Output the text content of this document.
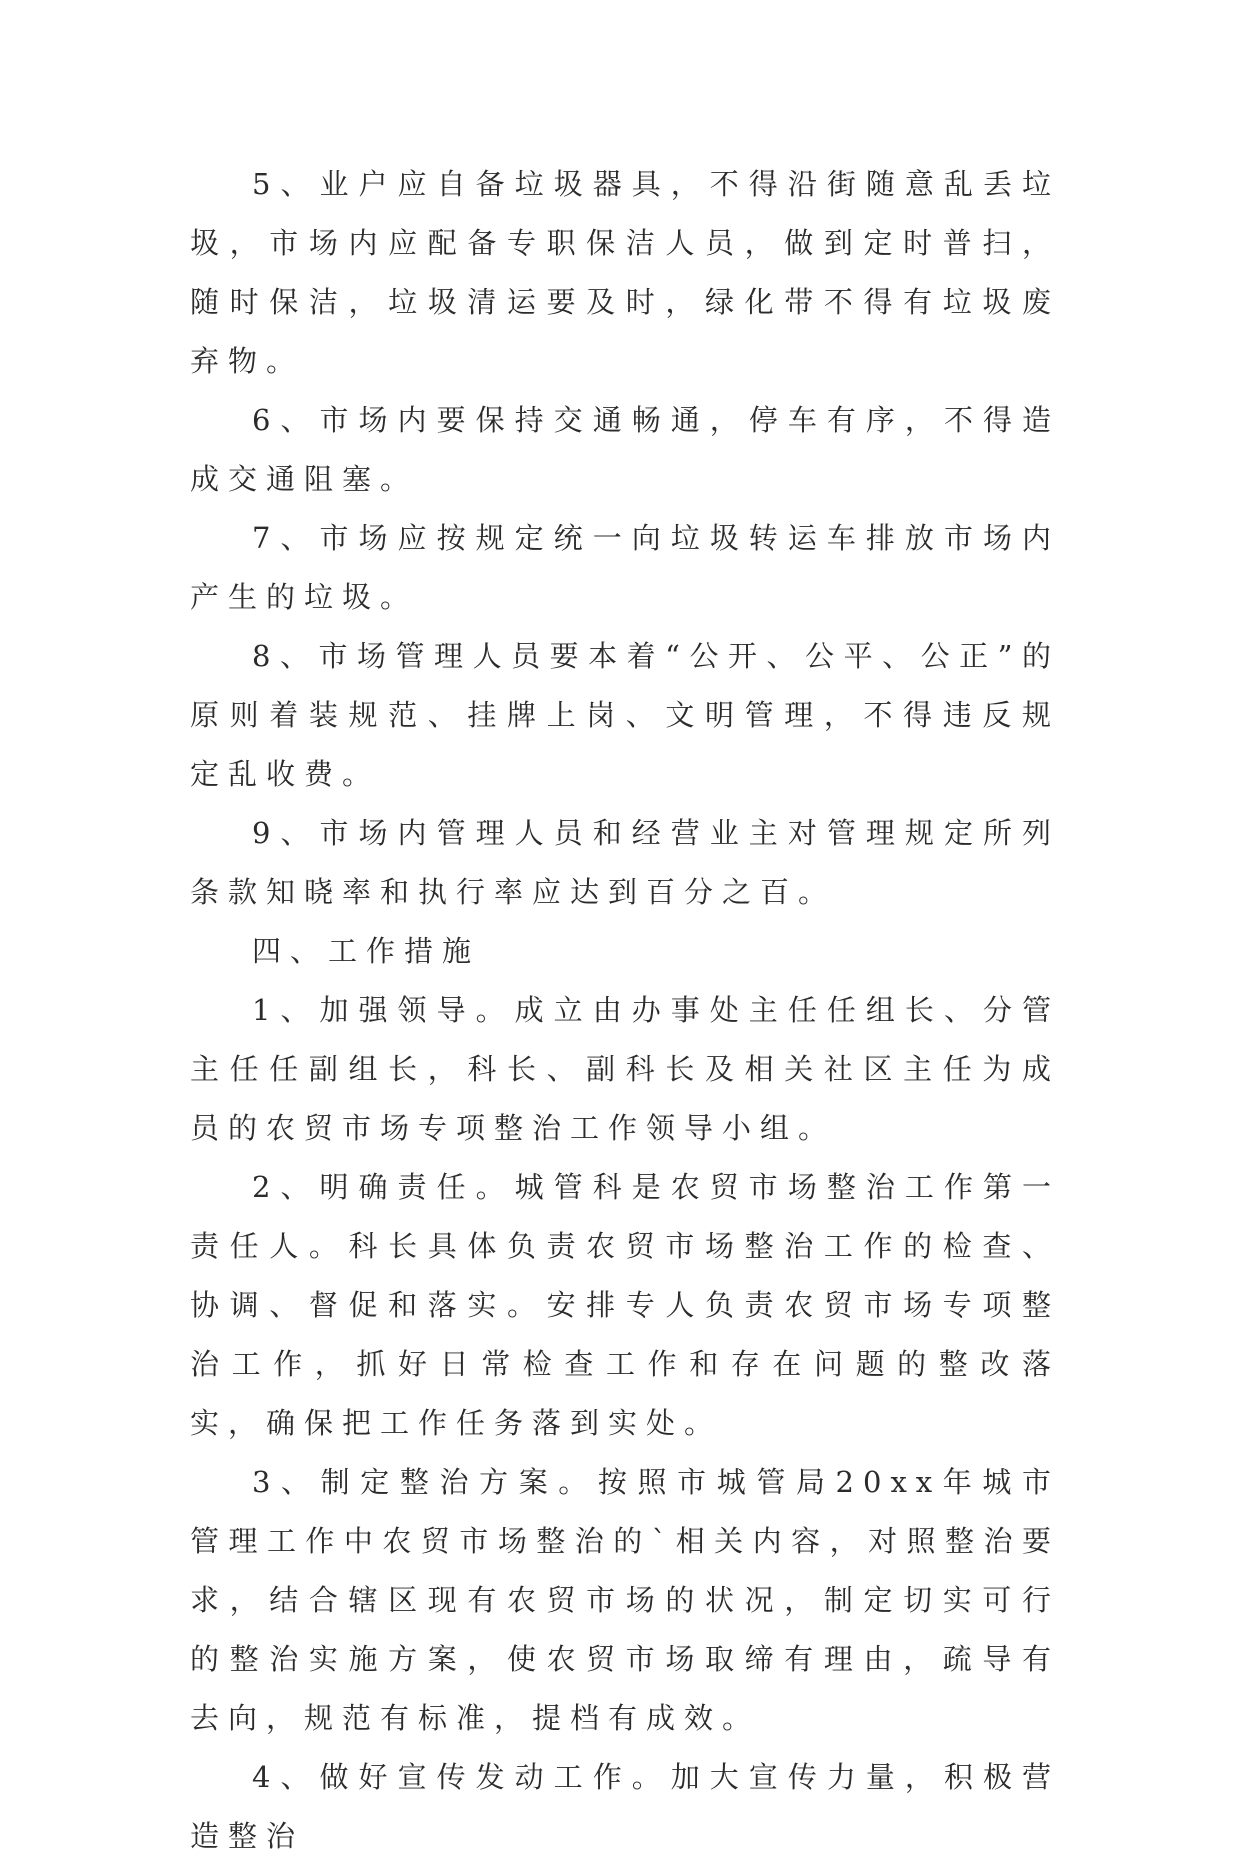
5、业户应自备垃圾器具，不得沿街随意乱丢垃圾，市场内应配备专职保洁人员，做到定时普扫，随时保洁，垃圾清运要及时，绿化带不得有垃圾废弃物。

6、市场内要保持交通畅通，停车有序，不得造成交通阻塞。

7、市场应按规定统一向垃圾转运车排放市场内产生的垃圾。

8、市场管理人员要本着“公开、公平、公正”的原则着装规范、挂牌上岗、文明管理，不得违反规定乱收费。

9、市场内管理人员和经营业主对管理规定所列条款知晓率和执行率应达到百分之百。

四、工作措施

1、加强领导。成立由办事处主任任组长、分管主任任副组长，科长、副科长及相关社区主任为成员的农贸市场专项整治工作领导小组。

2、明确责任。城管科是农贸市场整治工作第一责任人。科长具体负责农贸市场整治工作的检查、协调、督促和落实。安排专人负责农贸市场专项整治工作，抓好日常检查工作和存在问题的整改落实，确保把工作任务落到实处。

3、制定整治方案。按照市城管局20xx年城市管理工作中农贸市场整治的`相关内容，对照整治要求，结合辖区现有农贸市场的状况，制定切实可行的整治实施方案，使农贸市场取缔有理由，疏导有去向，规范有标准，提档有成效。

4、做好宣传发动工作。加大宣传力量，积极营造整治
